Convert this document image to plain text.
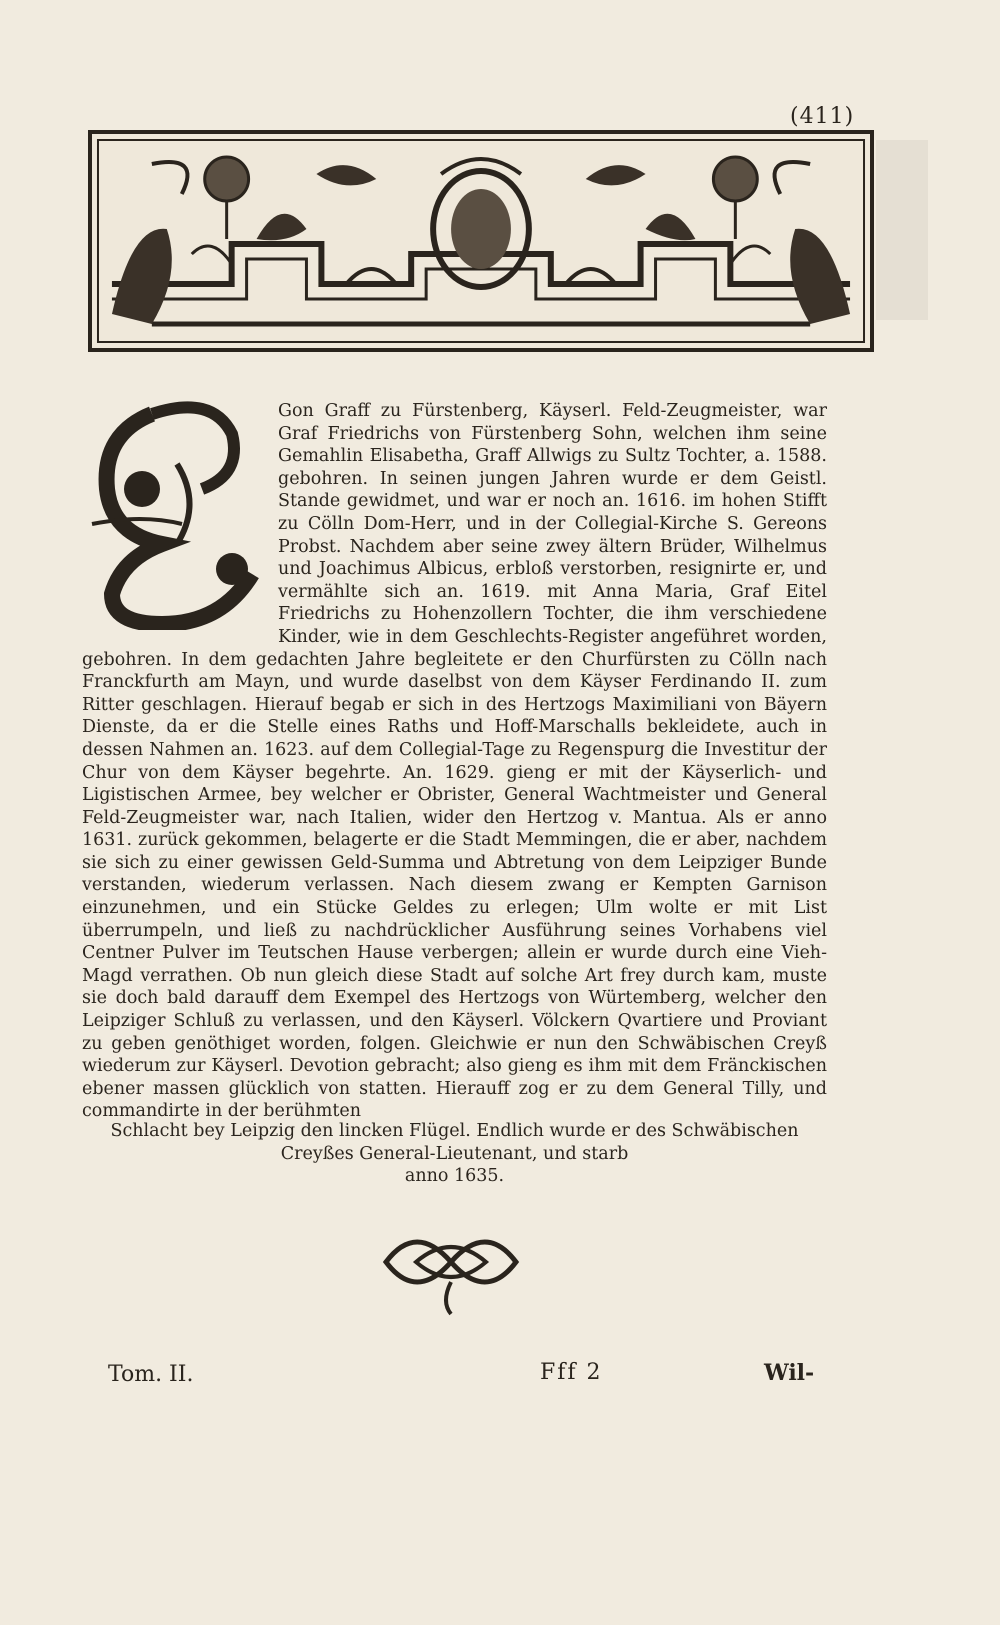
(411)
Gon Graff zu Fürstenberg, Käyserl. Feld-Zeugmeister, war Graf Friedrichs von Fürstenberg Sohn, welchen ihm seine Gemahlin Elisabetha, Graff Allwigs zu Sultz Tochter, a. 1588. gebohren. In seinen jungen Jahren wurde er dem Geistl. Stande gewidmet, und war er noch an. 1616. im hohen Stifft zu Cölln Dom-Herr, und in der Collegial-Kirche S. Gereons Probst. Nachdem aber seine zwey ältern Brüder, Wilhelmus und Joachimus Albicus, erbloß verstorben, resignirte er, und vermählte sich an. 1619. mit Anna Maria, Graf Eitel Friedrichs zu Hohenzollern Tochter, die ihm verschiedene Kinder, wie in dem Geschlechts-Register angeführet worden, gebohren. In dem gedachten Jahre begleitete er den Churfürsten zu Cölln nach Franckfurth am Mayn, und wurde daselbst von dem Käyser Ferdinando II. zum Ritter geschlagen. Hierauf begab er sich in des Hertzogs Maximiliani von Bäyern Dienste, da er die Stelle eines Raths und Hoff-Marschalls bekleidete, auch in dessen Nahmen an. 1623. auf dem Collegial-Tage zu Regenspurg die Investitur der Chur von dem Käyser begehrte. An. 1629. gieng er mit der Käyserlich- und Ligistischen Armee, bey welcher er Obrister, General Wachtmeister und General Feld-Zeugmeister war, nach Italien, wider den Hertzog v. Mantua. Als er anno 1631. zurück gekommen, belagerte er die Stadt Memmingen, die er aber, nachdem sie sich zu einer gewissen Geld-Summa und Abtretung von dem Leipziger Bunde verstanden, wiederum verlassen. Nach diesem zwang er Kempten Garnison einzunehmen, und ein Stücke Geldes zu erlegen; Ulm wolte er mit List überrumpeln, und ließ zu nachdrücklicher Ausführung seines Vorhabens viel Centner Pulver im Teutschen Hause verbergen; allein er wurde durch eine Vieh-Magd verrathen. Ob nun gleich diese Stadt auf solche Art frey durch kam, muste sie doch bald darauff dem Exempel des Hertzogs von Würtemberg, welcher den Leipziger Schluß zu verlassen, und den Käyserl. Völckern Qvartiere und Proviant zu geben genöthiget worden, folgen. Gleichwie er nun den Schwäbischen Creyß wiederum zur Käyserl. Devotion gebracht; also gieng es ihm mit dem Fränckischen ebener massen glücklich von statten. Hierauff zog er zu dem General Tilly, und commandirte in der berühmten
Schlacht bey Leipzig den lincken Flügel. Endlich wurde er des Schwäbischen
Creyßes General-Lieutenant, und starb
anno 1635.
Tom. II.	Fff 2	Wil-
